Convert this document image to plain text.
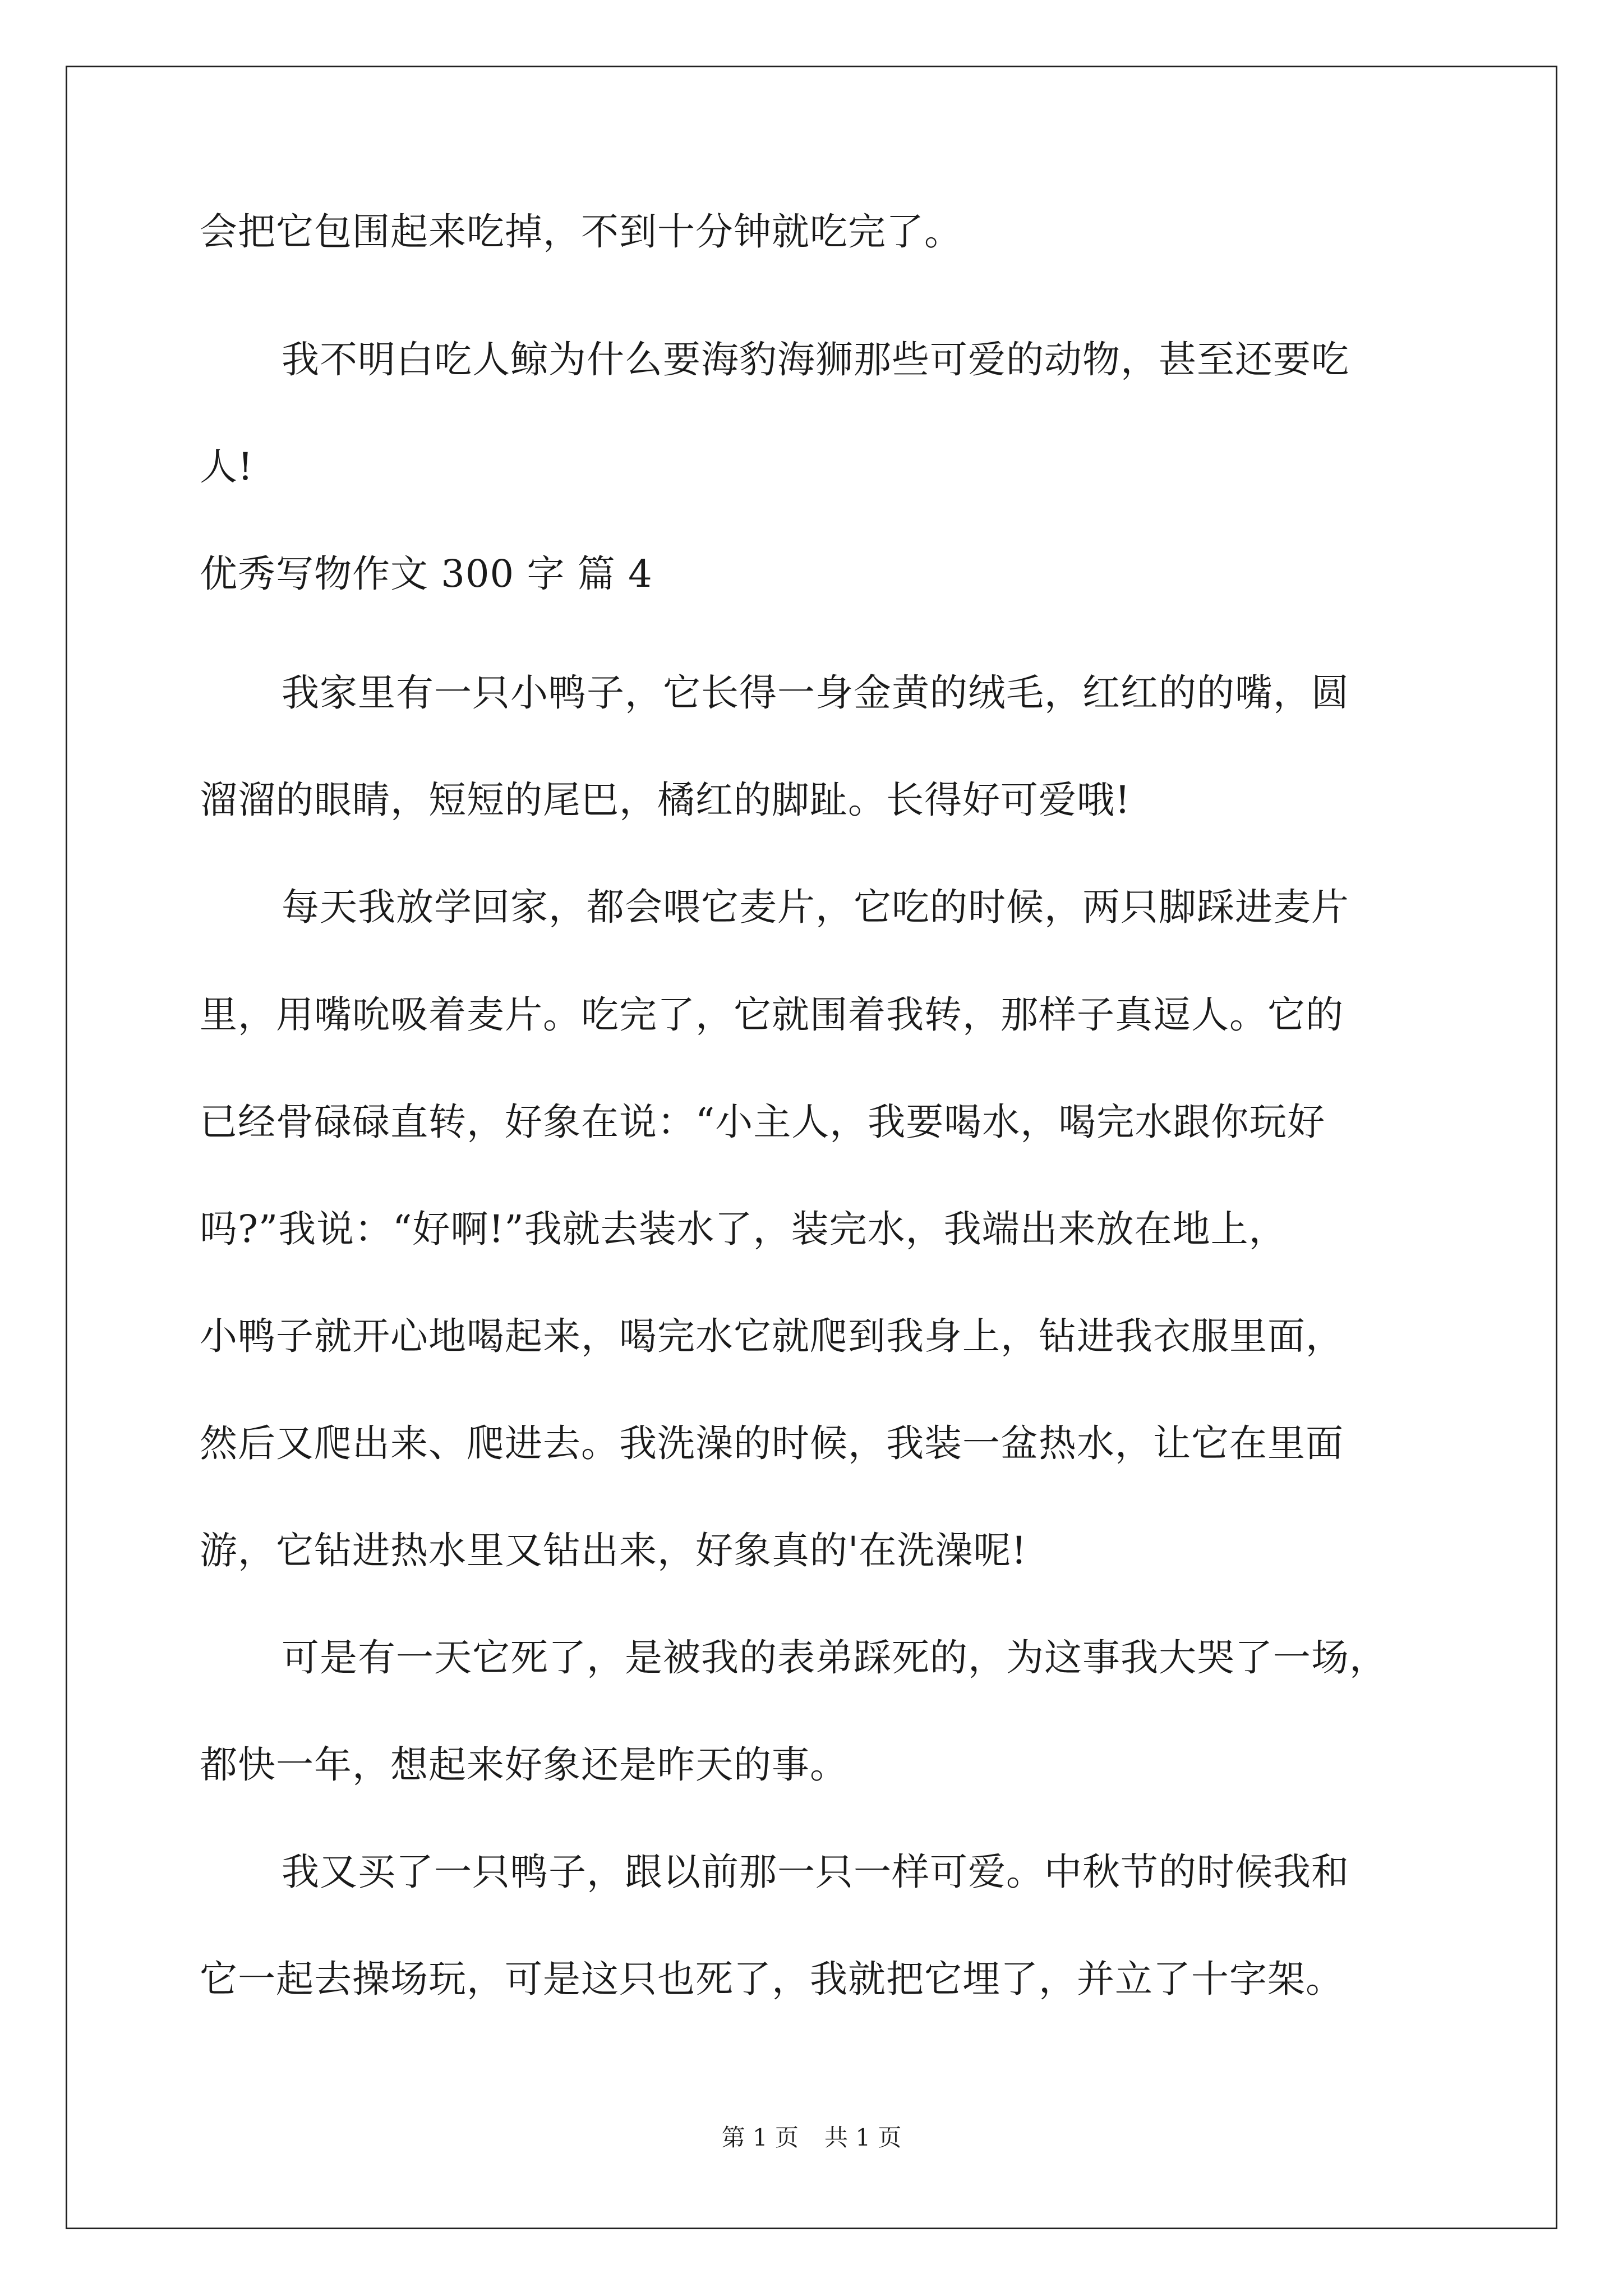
会把它包围起来吃掉，不到十分钟就吃完了。

我不明白吃人鲸为什么要海豹海狮那些可爱的动物，甚至还要吃

人!

优秀写物作文 300 字 篇 4

我家里有一只小鸭子，它长得一身金黄的绒毛，红红的的嘴，圆

溜溜的眼睛，短短的尾巴，橘红的脚趾。长得好可爱哦!

每天我放学回家，都会喂它麦片，它吃的时候，两只脚踩进麦片

里，用嘴吮吸着麦片。吃完了，它就围着我转，那样子真逗人。它的

已经骨碌碌直转，好象在说：“小主人，我要喝水，喝完水跟你玩好

吗?”我说：“好啊!”我就去装水了，装完水，我端出来放在地上，

小鸭子就开心地喝起来，喝完水它就爬到我身上，钻进我衣服里面，

然后又爬出来、爬进去。我洗澡的时候，我装一盆热水，让它在里面

游，它钻进热水里又钻出来，好象真的'在洗澡呢!

可是有一天它死了，是被我的表弟踩死的，为这事我大哭了一场，

都快一年，想起来好象还是昨天的事。

我又买了一只鸭子，跟以前那一只一样可爱。中秋节的时候我和

它一起去操场玩，可是这只也死了，我就把它埋了，并立了十字架。

第 1 页 共 1 页
